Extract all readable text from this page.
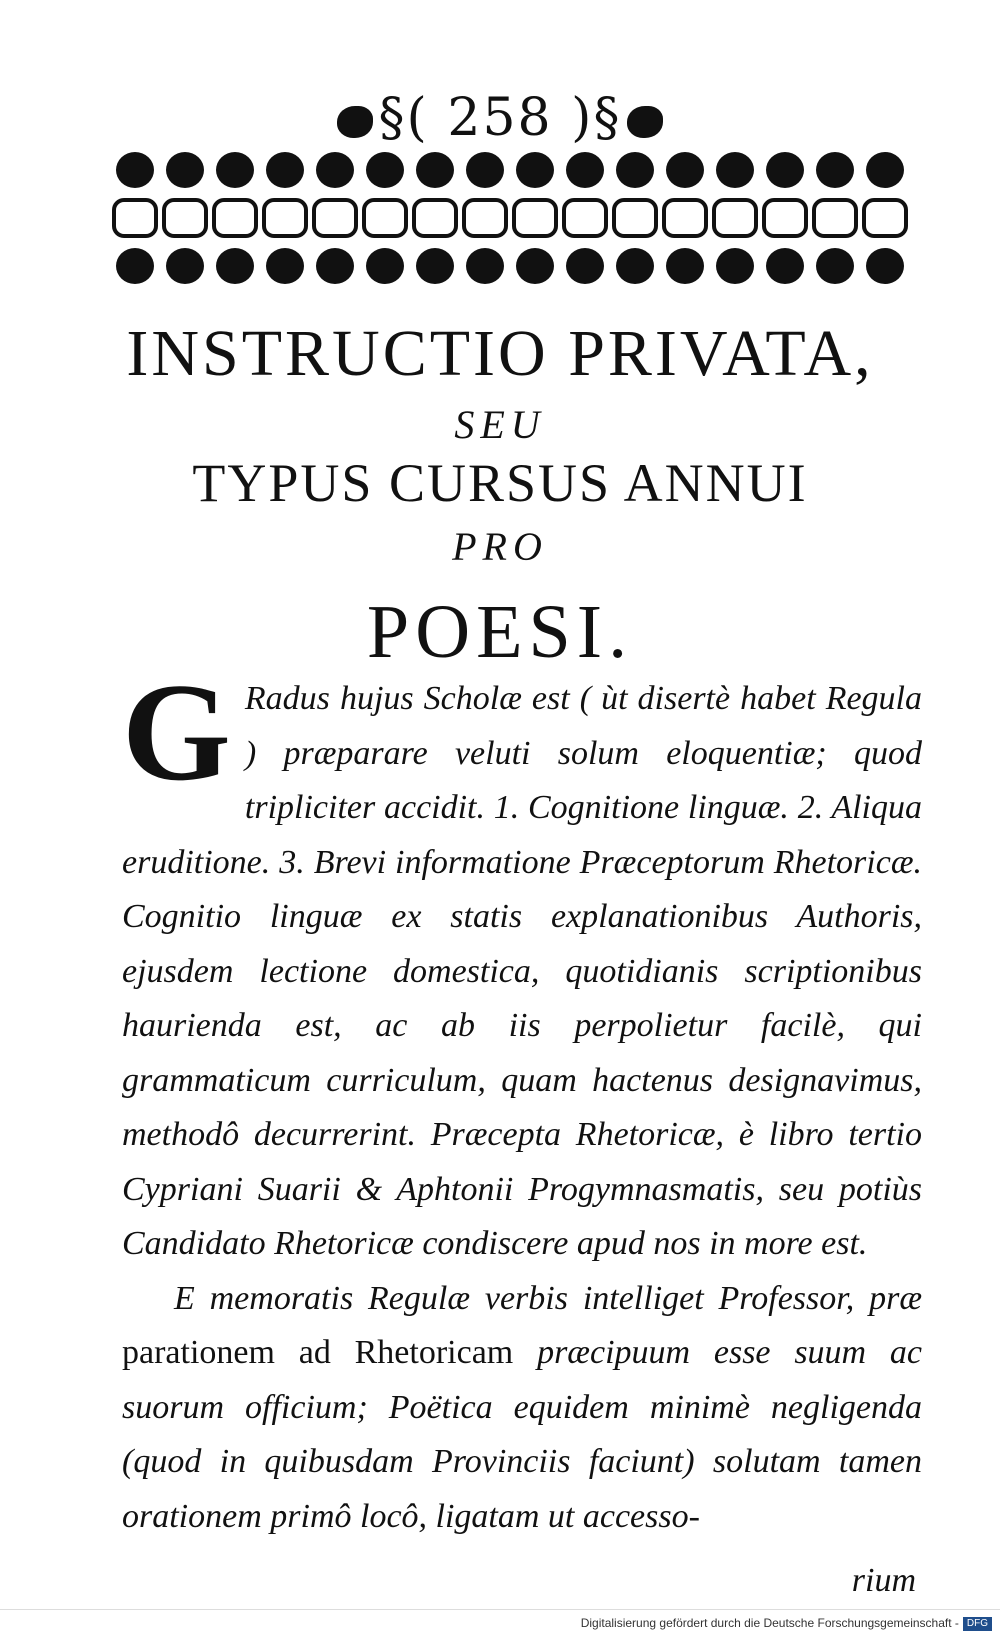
§( 258 )§
INSTRUCTIO PRIVATA,
SEU
TYPUS CURSUS ANNUI
PRO
POESI.

G Radus hujus Scholæ est ( ùt disertè habet Regula ) præparare veluti solum eloquentiæ; quod tripliciter accidit. 1. Cognitione linguæ. 2. Aliqua eruditione. 3. Brevi informatione Præceptorum Rhetoricæ. Cognitio linguæ ex statis explanationibus Authoris, ejusdem lectione domestica, quotidianis scriptionibus haurienda est, ac ab iis perpolietur facilè, qui grammaticum curriculum, quam hactenus designavimus, methodô decurrerint. Præcepta Rhetoricæ, è libro tertio Cypriani Suarii & Aphtonii Progymnasmatis, seu potiùs Candidato Rhetoricæ condiscere apud nos in more est.

E memoratis Regulæ verbis intelliget Professor, præ parationem ad Rhetoricam præcipuum esse suum ac suorum officium; Poëtica equidem minimè negligenda (quod in quibusdam Provinciis faciunt) solutam tamen orationem primô locô, ligatam ut accesso-

rium
Digitalisierung gefördert durch die Deutsche Forschungsgemeinschaft - DFG
